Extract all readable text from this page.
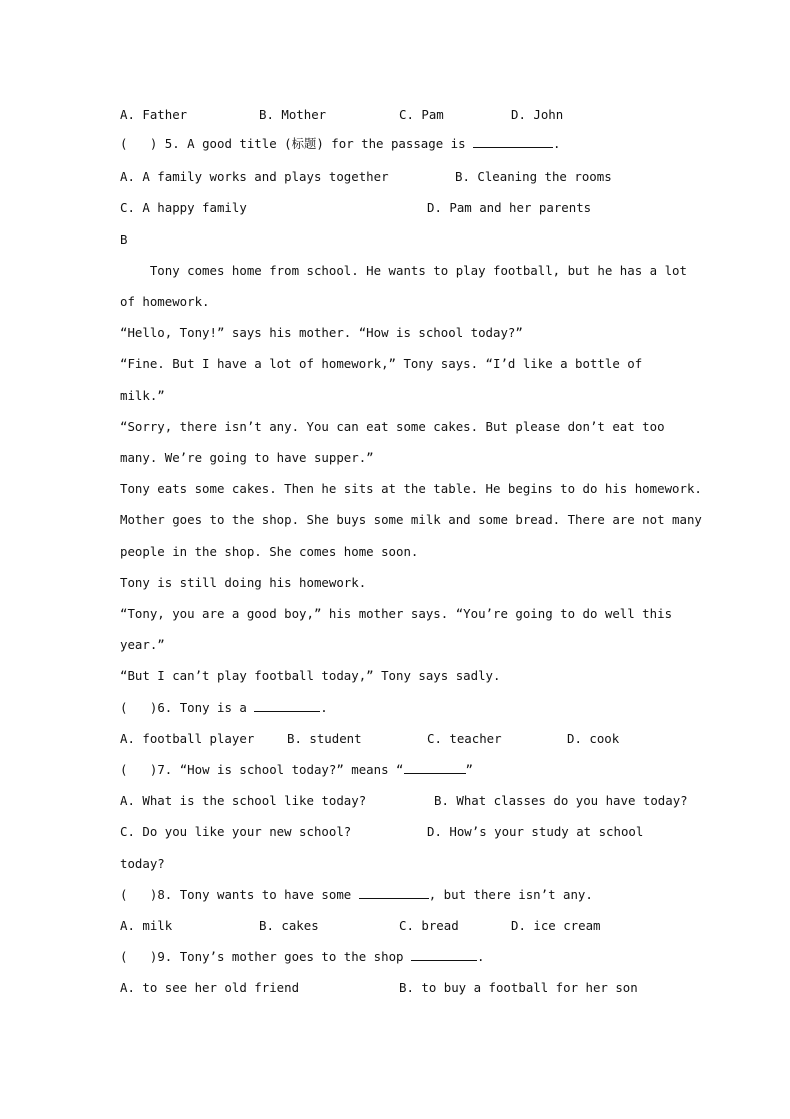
A. Father	B. Mother	C. Pam	D. John
(   ) 5. A good title (标题) for the passage is	.
A. A family works and plays together	B. Cleaning the rooms
C. A happy family	D. Pam and her parents
B
Tony comes home from school. He wants to play football, but he has a lot
of homework.
“Hello, Tony!” says his mother. “How is school today?”
“Fine. But I have a lot of homework,” Tony says. “I’d like a bottle of
milk.”
“Sorry, there isn’t any. You can eat some cakes. But please don’t eat too
many. We’re going to have supper.”
Tony eats some cakes. Then he sits at the table. He begins to do his homework.
Mother goes to the shop. She buys some milk and some bread. There are not many
people in the shop. She comes home soon.
Tony is still doing his homework.
“Tony, you are a good boy,” his mother says. “You’re going to do well this
year.”
“But I can’t play football today,” Tony says sadly.
(   )6. Tony is a	.
A. football player	B. student	C. teacher	D. cook
(   )7. “How is school today?” means “	”
A. What is the school like today?	B. What classes do you have today?
C. Do you like your new school?	D. How’s your study at school
today?
(   )8. Tony wants to have some	, but there isn’t any.
A. milk	B. cakes	C. bread	D. ice cream
(   )9. Tony’s mother goes to the shop	.
A. to see her old friend	B. to buy a football for her son
